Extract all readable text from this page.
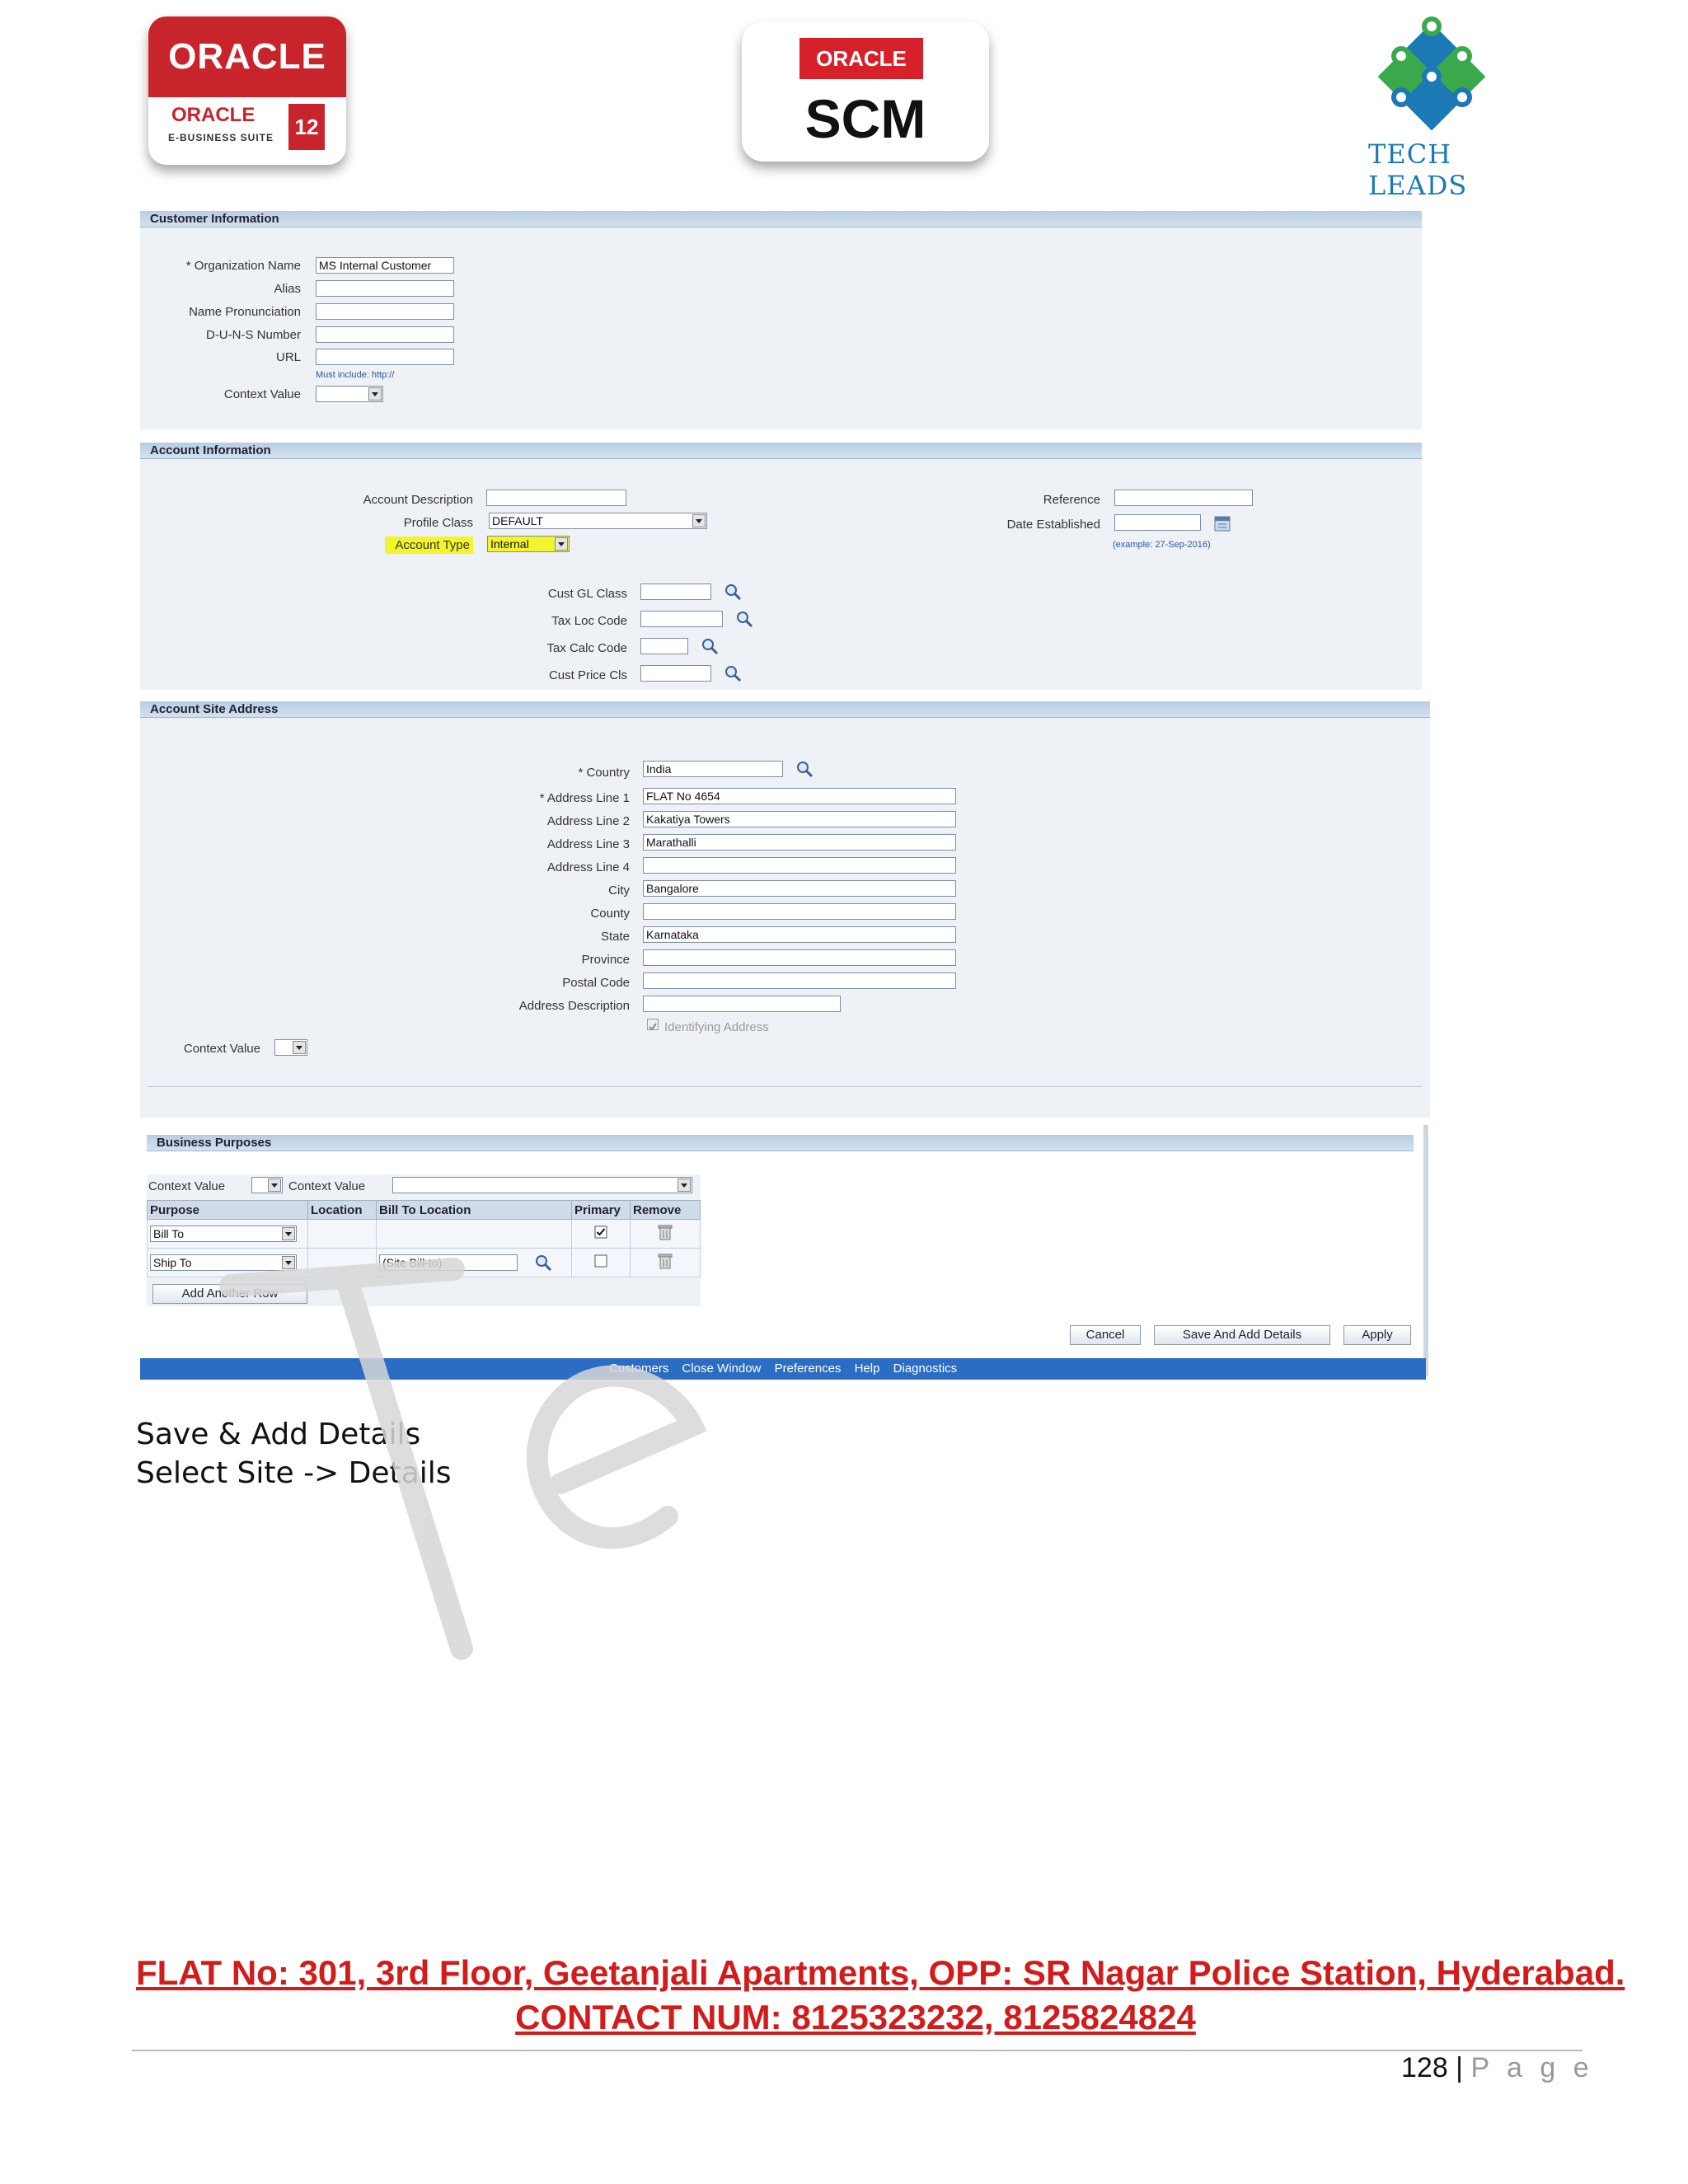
ORACLE
ORACLE
E-BUSINESS SUITE 12
ORACLE
SCM
TECH LEADS
Customer Information
* Organization Name MS Internal Customer
Alias
Name Pronunciation
D-U-N-S Number
URL
Must include: http://
Context Value
Account Information
Account Description
Profile Class DEFAULT
Account Type Internal
Reference
Date Established
(example: 27-Sep-2016)
Cust GL Class
Tax Loc Code
Tax Calc Code
Cust Price Cls
Account Site Address
* Country India
* Address Line 1 FLAT No 4654
Address Line 2 Kakatiya Towers
Address Line 3 Marathalli
Address Line 4
City Bangalore
County
State Karnataka
Province
Postal Code
Address Description
Identifying Address
Context Value
Business Purposes
Context Value	Context Value
Purpose	Location	Bill To Location	Primary	Remove

Bill To

Ship To		(Site Bill-to)		
Add Another Row
Cancel	Save And Add Details	Apply
Customers Close Window Preferences Help Diagnostics
Save & Add Details
Select Site -> Details
FLAT No: 301, 3rd Floor, Geetanjali Apartments, OPP: SR Nagar Police Station, Hyderabad.
CONTACT NUM: 8125323232, 8125824824
128 | P a g e
